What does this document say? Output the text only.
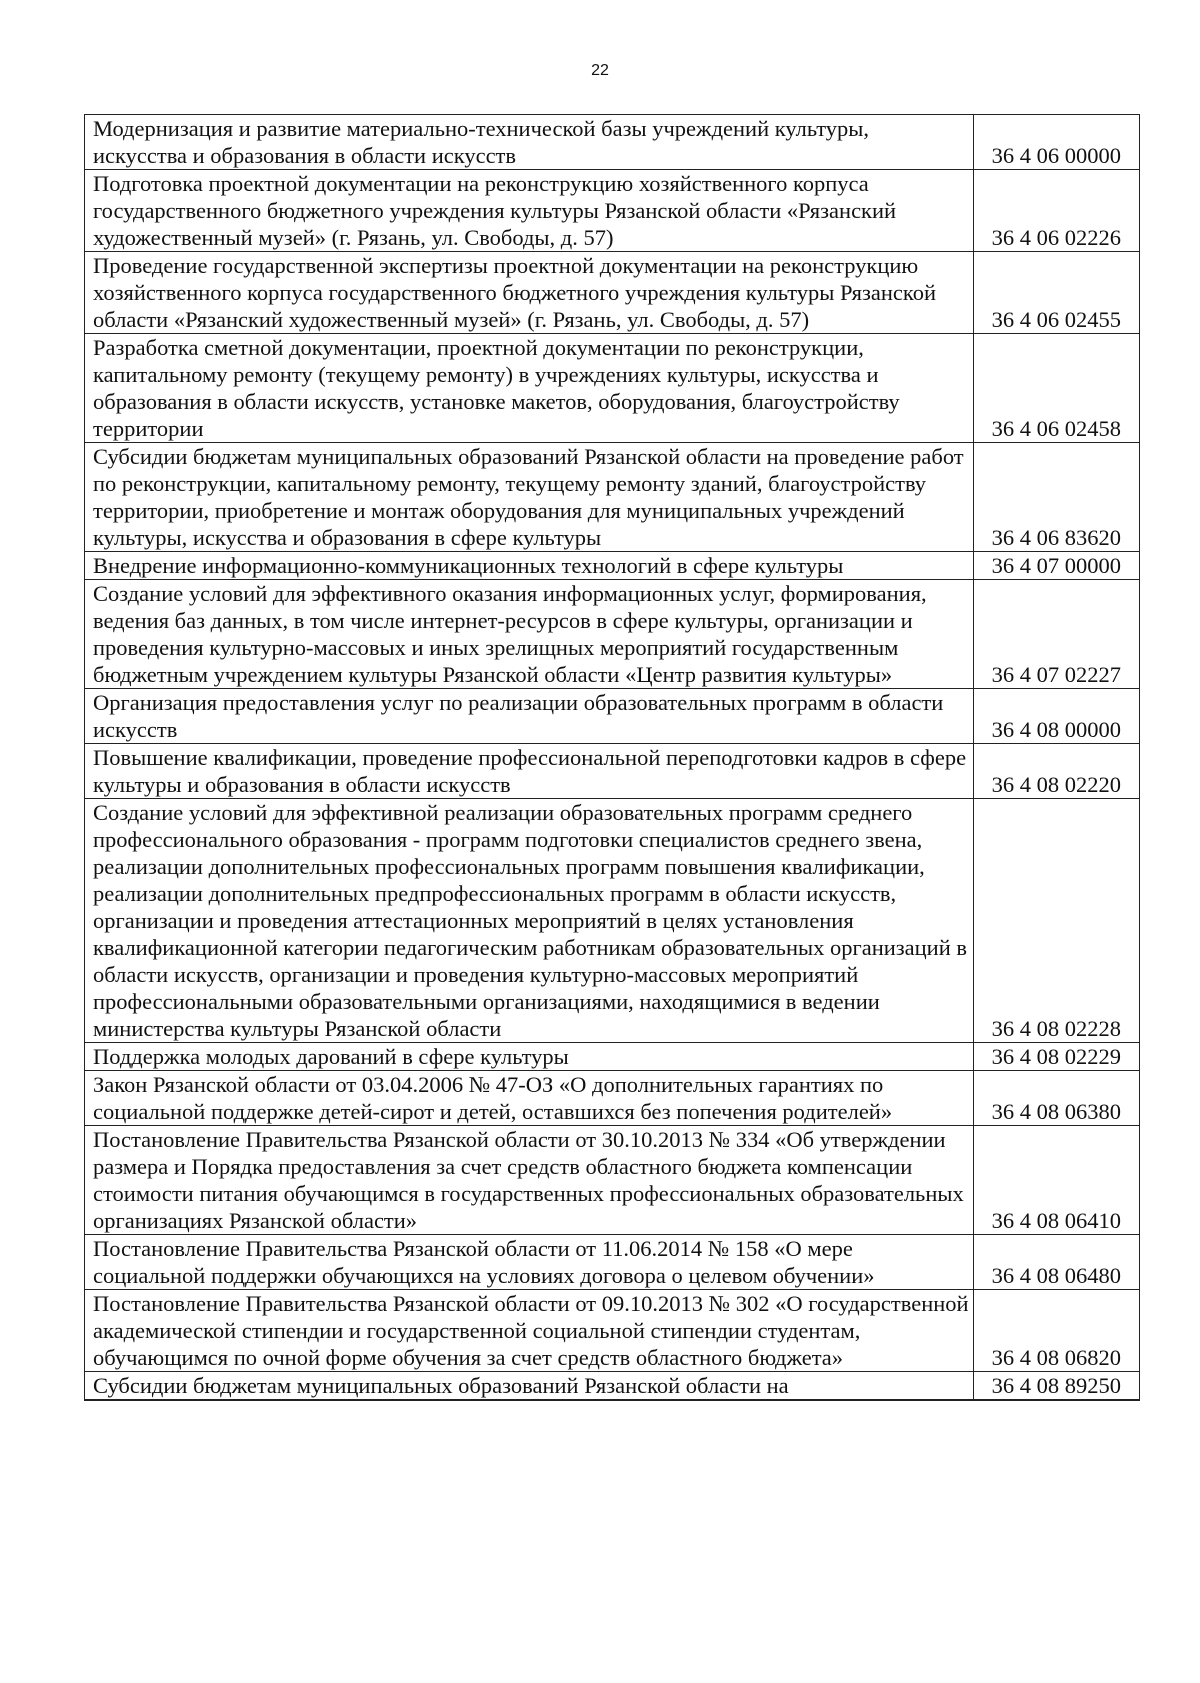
22
Модернизация и развитие материально-технической базы учреждений культуры, искусства и образования в области искусств	36 4 06 00000
Подготовка проектной документации на реконструкцию хозяйственного корпуса государственного бюджетного учреждения культуры Рязанской области «Рязанский художественный музей» (г. Рязань, ул. Свободы, д. 57)	36 4 06 02226
Проведение государственной экспертизы проектной документации на реконструкцию хозяйственного корпуса государственного бюджетного учреждения культуры Рязанской области «Рязанский художественный музей» (г. Рязань, ул. Свободы, д. 57)	36 4 06 02455
Разработка сметной документации, проектной документации по реконструкции, капитальному ремонту (текущему ремонту) в учреждениях культуры, искусства и образования в области искусств, установке макетов, оборудования, благоустройству территории	36 4 06 02458
Субсидии бюджетам муниципальных образований Рязанской области на проведение работ по реконструкции, капитальному ремонту, текущему ремонту зданий, благоустройству территории, приобретение и монтаж оборудования для муниципальных учреждений культуры, искусства и образования в сфере культуры	36 4 06 83620
Внедрение информационно-коммуникационных технологий в сфере культуры	36 4 07 00000
Создание условий для эффективного оказания информационных услуг, формирования, ведения баз данных, в том числе интернет-ресурсов в сфере культуры, организации и проведения культурно-массовых и иных зрелищных мероприятий государственным бюджетным учреждением культуры Рязанской области «Центр развития культуры»	36 4 07 02227
Организация предоставления услуг по реализации образовательных программ в области искусств	36 4 08 00000
Повышение квалификации, проведение профессиональной переподготовки кадров в сфере культуры и образования в области искусств	36 4 08 02220
Создание условий для эффективной реализации образовательных программ среднего профессионального образования - программ подготовки специалистов среднего звена, реализации дополнительных профессиональных программ повышения квалификации, реализации дополнительных предпрофессиональных программ в области искусств, организации и проведения аттестационных мероприятий в целях установления квалификационной категории педагогическим работникам образовательных организаций в области искусств, организации и проведения культурно-массовых мероприятий профессиональными образовательными организациями, находящимися в ведении министерства культуры Рязанской области	36 4 08 02228
Поддержка молодых дарований в сфере культуры	36 4 08 02229
Закон Рязанской области от 03.04.2006 № 47-ОЗ «О дополнительных гарантиях по социальной поддержке детей-сирот и детей, оставшихся без попечения родителей»	36 4 08 06380
Постановление Правительства Рязанской области от 30.10.2013 № 334 «Об утверждении размера и Порядка предоставления за счет средств областного бюджета компенсации стоимости питания обучающимся в государственных профессиональных образовательных организациях Рязанской области»	36 4 08 06410
Постановление Правительства Рязанской области от 11.06.2014 № 158 «О мере социальной поддержки обучающихся на условиях договора о целевом обучении»	36 4 08 06480
Постановление Правительства Рязанской области от 09.10.2013 № 302 «О государственной академической стипендии и государственной социальной стипендии студентам, обучающимся по очной форме обучения за счет средств областного бюджета»	36 4 08 06820
Субсидии бюджетам муниципальных образований Рязанской области на	36 4 08 89250
